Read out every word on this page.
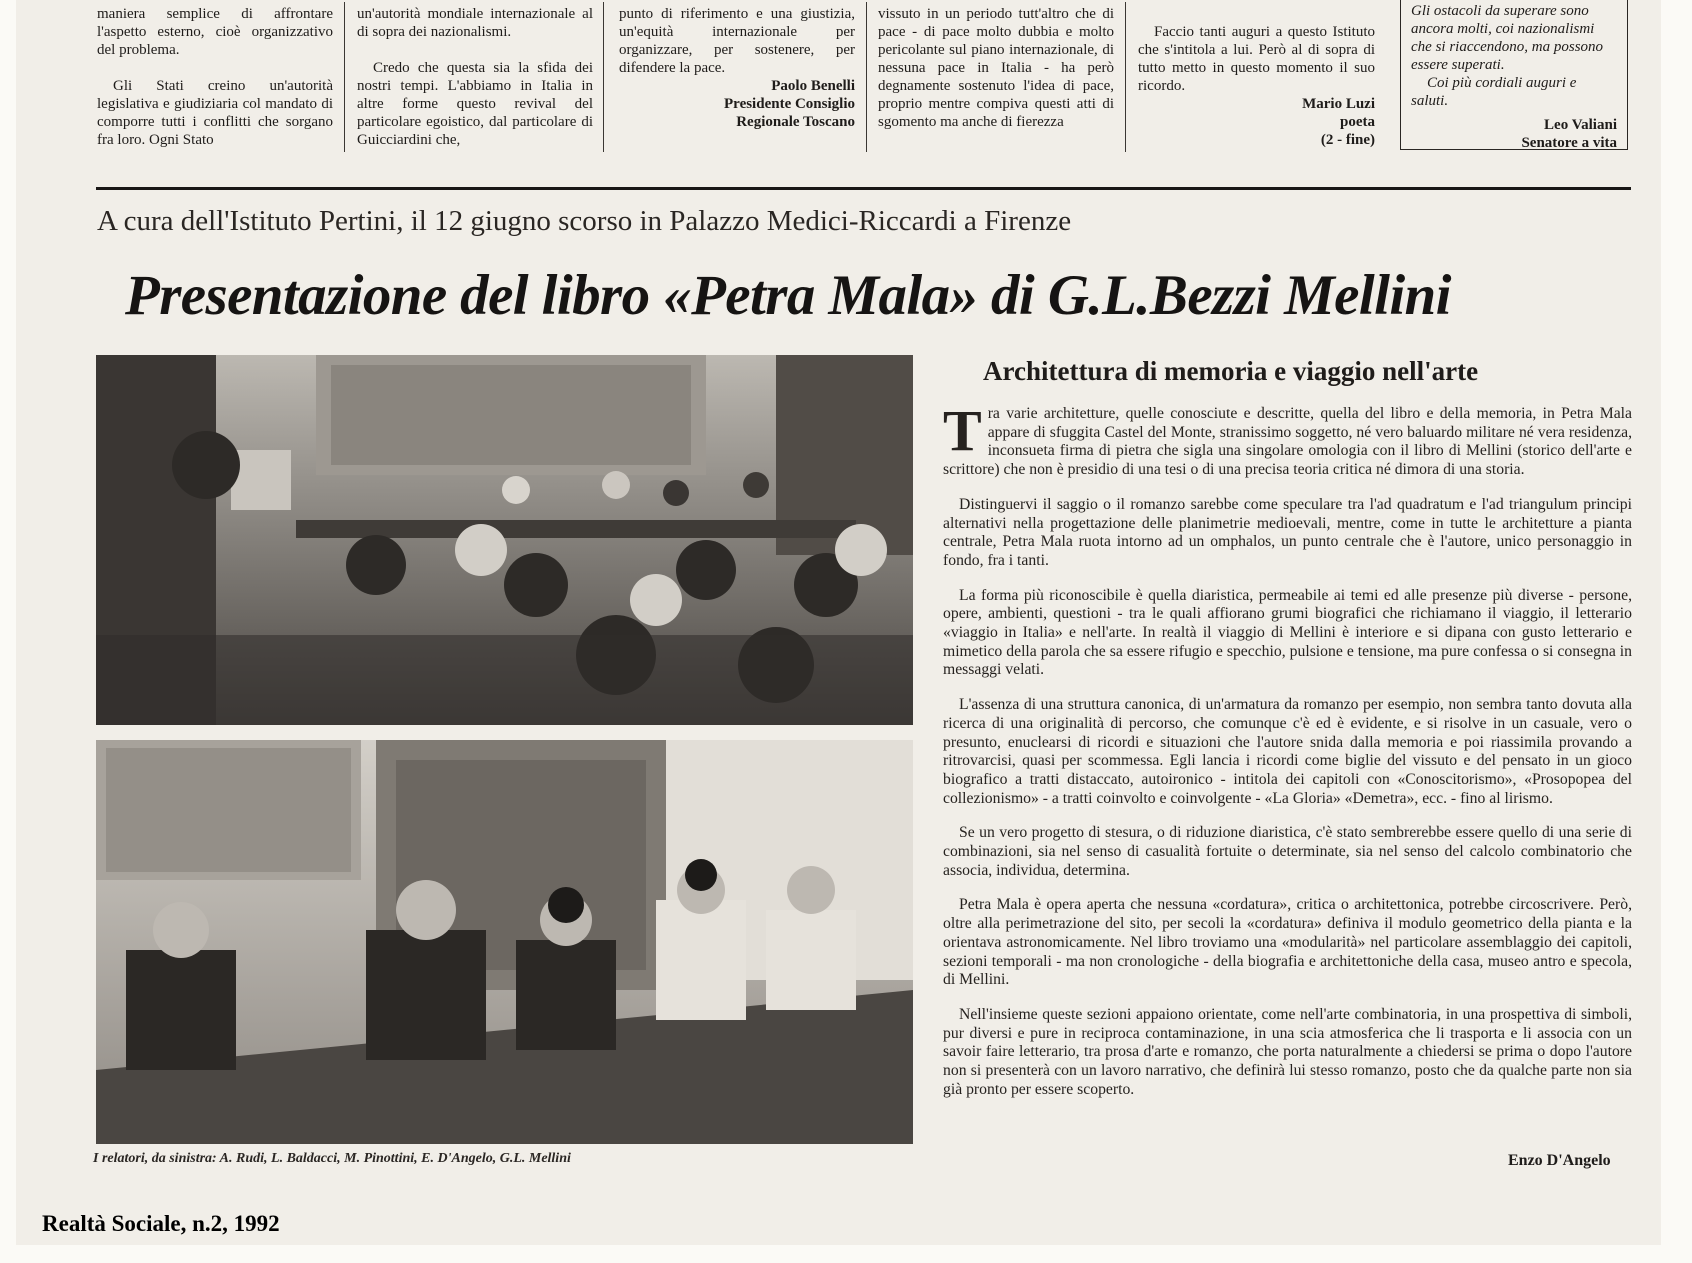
maniera semplice di affrontare l'aspetto esterno, cioè organizzativo del problema.

Gli Stati creino un'autorità legislativa e giudiziaria col mandato di comporre tutti i conflitti che sorgano fra loro. Ogni Stato

un'autorità mondiale internazionale al di sopra dei nazionalismi.

Credo che questa sia la sfida dei nostri tempi. L'abbiamo in Italia in altre forme questo revival del particolare egoistico, dal particolare di Guicciardini che,

punto di riferimento e una giustizia, un'equità internazionale per organizzare, per sostenere, per difendere la pace.

Paolo Benelli
Presidente Consiglio
Regionale Toscano

vissuto in un periodo tutt'altro che di pace - di pace molto dubbia e molto pericolante sul piano internazionale, di nessuna pace in Italia - ha però degnamente sostenuto l'idea di pace, proprio mentre compiva questi atti di sgomento ma anche di fierezza

Faccio tanti auguri a questo Istituto che s'intitola a lui. Però al di sopra di tutto metto in questo momento il suo ricordo.

Mario Luzi
poeta
(2 - fine)

Gli ostacoli da superare sono ancora molti, coi nazionalismi che si riaccendono, ma possono essere superati.

Coi più cordiali auguri e saluti.

Leo Valiani
Senatore a vita
A cura dell'Istituto Pertini, il 12 giugno scorso in Palazzo Medici-Riccardi a Firenze
Presentazione del libro «Petra Mala» di G.L.Bezzi Mellini
I relatori, da sinistra: A. Rudi, L. Baldacci, M. Pinottini, E. D'Angelo, G.L. Mellini
Architettura di memoria e viaggio nell'arte

Tra varie architetture, quelle conosciute e descritte, quella del libro e della memoria, in Petra Mala appare di sfuggita Castel del Monte, stranissimo soggetto, né vero baluardo militare né vera residenza, inconsueta firma di pietra che sigla una singolare omologia con il libro di Mellini (storico dell'arte e scrittore) che non è presidio di una tesi o di una precisa teoria critica né dimora di una storia.

Distinguervi il saggio o il romanzo sarebbe come speculare tra l'ad quadratum e l'ad triangulum principi alternativi nella progettazione delle planimetrie medioevali, mentre, come in tutte le architetture a pianta centrale, Petra Mala ruota intorno ad un omphalos, un punto centrale che è l'autore, unico personaggio in fondo, fra i tanti.

La forma più riconoscibile è quella diaristica, permeabile ai temi ed alle presenze più diverse - persone, opere, ambienti, questioni - tra le quali affiorano grumi biografici che richiamano il viaggio, il letterario «viaggio in Italia» e nell'arte. In realtà il viaggio di Mellini è interiore e si dipana con gusto letterario e mimetico della parola che sa essere rifugio e specchio, pulsione e tensione, ma pure confessa o si consegna in messaggi velati.

L'assenza di una struttura canonica, di un'armatura da romanzo per esempio, non sembra tanto dovuta alla ricerca di una originalità di percorso, che comunque c'è ed è evidente, e si risolve in un casuale, vero o presunto, enuclearsi di ricordi e situazioni che l'autore snida dalla memoria e poi riassimila provando a ritrovarcisi, quasi per scommessa. Egli lancia i ricordi come biglie del vissuto e del pensato in un gioco biografico a tratti distaccato, autoironico - intitola dei capitoli con «Conoscitorismo», «Prosopopea del collezionismo» - a tratti coinvolto e coinvolgente - «La Gloria» «Demetra», ecc. - fino al lirismo.

Se un vero progetto di stesura, o di riduzione diaristica, c'è stato sembrerebbe essere quello di una serie di combinazioni, sia nel senso di casualità fortuite o determinate, sia nel senso del calcolo combinatorio che associa, individua, determina.

Petra Mala è opera aperta che nessuna «cordatura», critica o architettonica, potrebbe circoscrivere. Però, oltre alla perimetrazione del sito, per secoli la «cordatura» definiva il modulo geometrico della pianta e la orientava astronomicamente. Nel libro troviamo una «modularità» nel particolare assemblaggio dei capitoli, sezioni temporali - ma non cronologiche - della biografia e architettoniche della casa, museo antro e specola, di Mellini.

Nell'insieme queste sezioni appaiono orientate, come nell'arte combinatoria, in una prospettiva di simboli, pur diversi e pure in reciproca contaminazione, in una scia atmosferica che li trasporta e li associa con un savoir faire letterario, tra prosa d'arte e romanzo, che porta naturalmente a chiedersi se prima o dopo l'autore non si presenterà con un lavoro narrativo, che definirà lui stesso romanzo, posto che da qualche parte non sia già pronto per essere scoperto.

Enzo D'Angelo
Realtà Sociale, n.2, 1992
